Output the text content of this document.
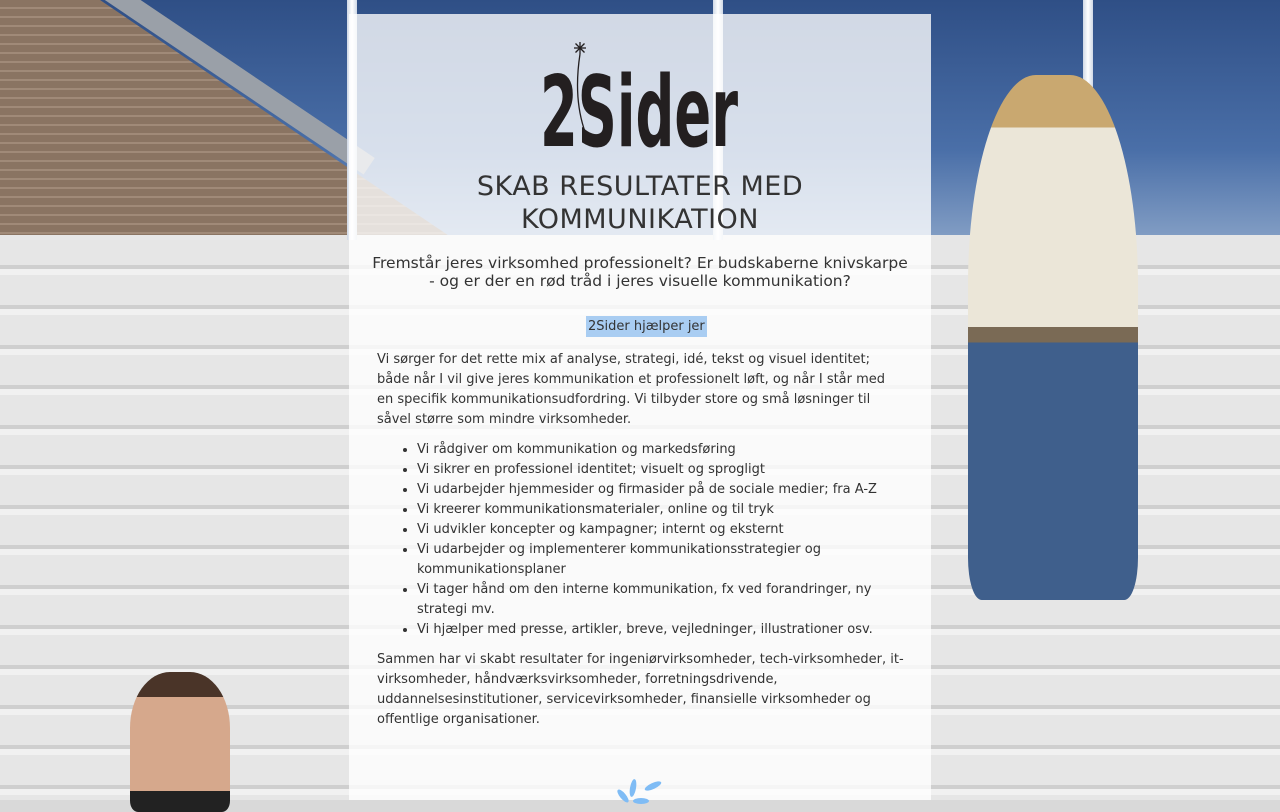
2Sider
SKAB RESULTATER MED
KOMMUNIKATION

Fremstår jeres virksomhed professionelt? Er budskaberne knivskarpe - og er der en rød tråd i jeres visuelle kommunikation?

2Sider hjælper jer

Vi sørger for det rette mix af analyse, strategi, idé, tekst og visuel identitet; både når I vil give jeres kommunikation et professionelt løft, og når I står med en specifik kommunikationsudfordring. Vi tilbyder store og små løsninger til såvel større som mindre virksomheder.

• Vi rådgiver om kommunikation og markedsføring
• Vi sikrer en professionel identitet; visuelt og sprogligt
• Vi udarbejder hjemmesider og firmasider på de sociale medier; fra A-Z
• Vi kreerer kommunikationsmaterialer, online og til tryk
• Vi udvikler koncepter og kampagner; internt og eksternt
• Vi udarbejder og implementerer kommunikationsstrategier og kommunikationsplaner
• Vi tager hånd om den interne kommunikation, fx ved forandringer, ny strategi mv.
• Vi hjælper med presse, artikler, breve, vejledninger, illustrationer osv.

Sammen har vi skabt resultater for ingeniørvirksomheder, tech-virksomheder, it-virksomheder, håndværksvirksomheder, forretningsdrivende, uddannelsesinstitutioner, servicevirksomheder, finansielle virksomheder og offentlige organisationer.
